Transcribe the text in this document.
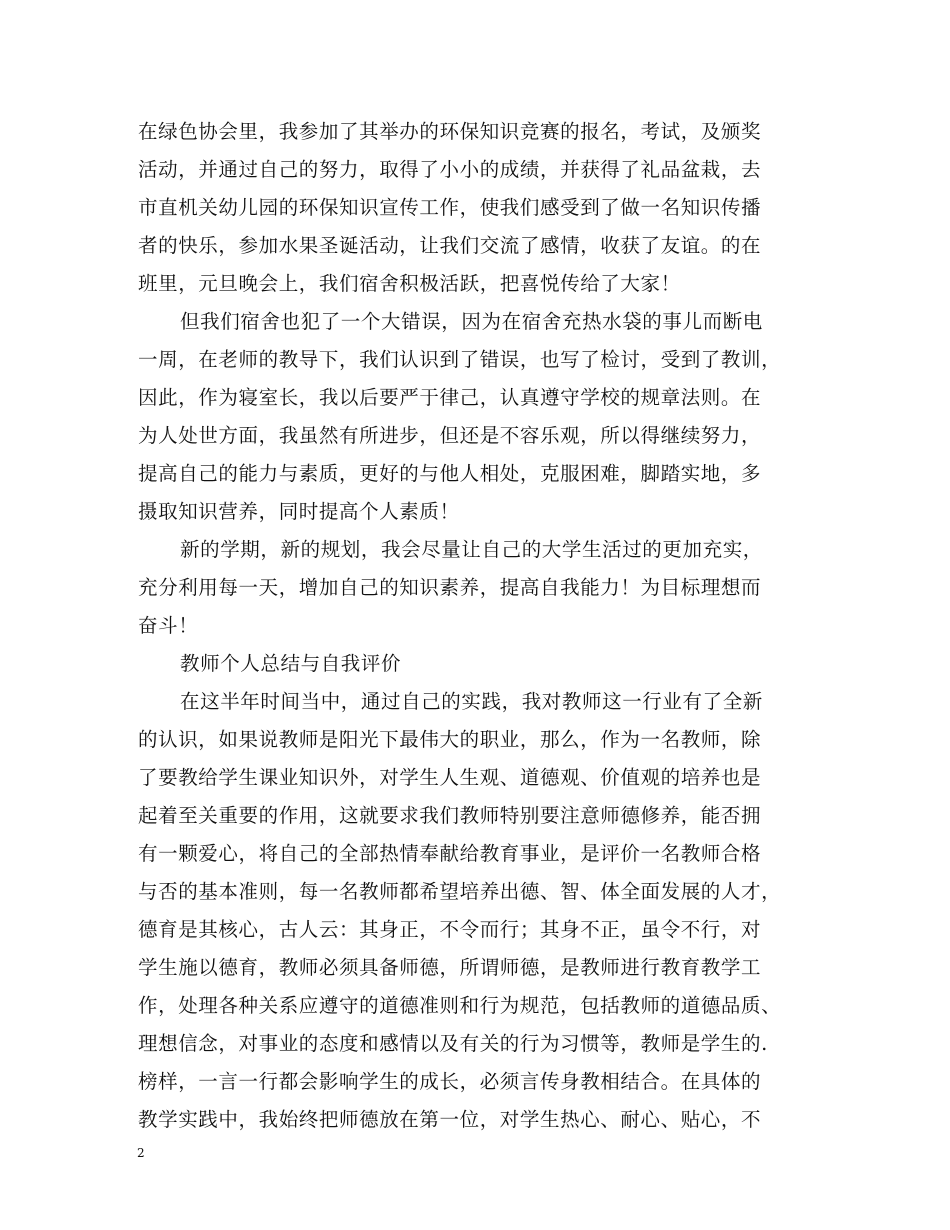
在绿色协会里，我参加了其举办的环保知识竞赛的报名，考试，及颁奖
活动，并通过自己的努力，取得了小小的成绩，并获得了礼品盆栽，去
市直机关幼儿园的环保知识宣传工作，使我们感受到了做一名知识传播
者的快乐，参加水果圣诞活动，让我们交流了感情，收获了友谊。的在
班里，元旦晚会上，我们宿舍积极活跃，把喜悦传给了大家！
但我们宿舍也犯了一个大错误，因为在宿舍充热水袋的事儿而断电
一周，在老师的教导下，我们认识到了错误，也写了检讨，受到了教训，
因此，作为寝室长，我以后要严于律己，认真遵守学校的规章法则。在
为人处世方面，我虽然有所进步，但还是不容乐观，所以得继续努力，
提高自己的能力与素质，更好的与他人相处，克服困难，脚踏实地，多
摄取知识营养，同时提高个人素质！
新的学期，新的规划，我会尽量让自己的大学生活过的更加充实，
充分利用每一天，增加自己的知识素养，提高自我能力！为目标理想而
奋斗！
教师个人总结与自我评价
在这半年时间当中，通过自己的实践，我对教师这一行业有了全新
的认识，如果说教师是阳光下最伟大的职业，那么，作为一名教师，除
了要教给学生课业知识外，对学生人生观、道德观、价值观的培养也是
起着至关重要的作用，这就要求我们教师特别要注意师德修养，能否拥
有一颗爱心，将自己的全部热情奉献给教育事业，是评价一名教师合格
与否的基本准则，每一名教师都希望培养出德、智、体全面发展的人才，
德育是其核心，古人云：其身正，不令而行；其身不正，虽令不行，对
学生施以德育，教师必须具备师德，所谓师德，是教师进行教育教学工
作，处理各种关系应遵守的道德准则和行为规范，包括教师的道德品质、
理想信念，对事业的态度和感情以及有关的行为习惯等，教师是学生的.
榜样，一言一行都会影响学生的成长，必须言传身教相结合。在具体的
教学实践中，我始终把师德放在第一位，对学生热心、耐心、贴心，不
2
